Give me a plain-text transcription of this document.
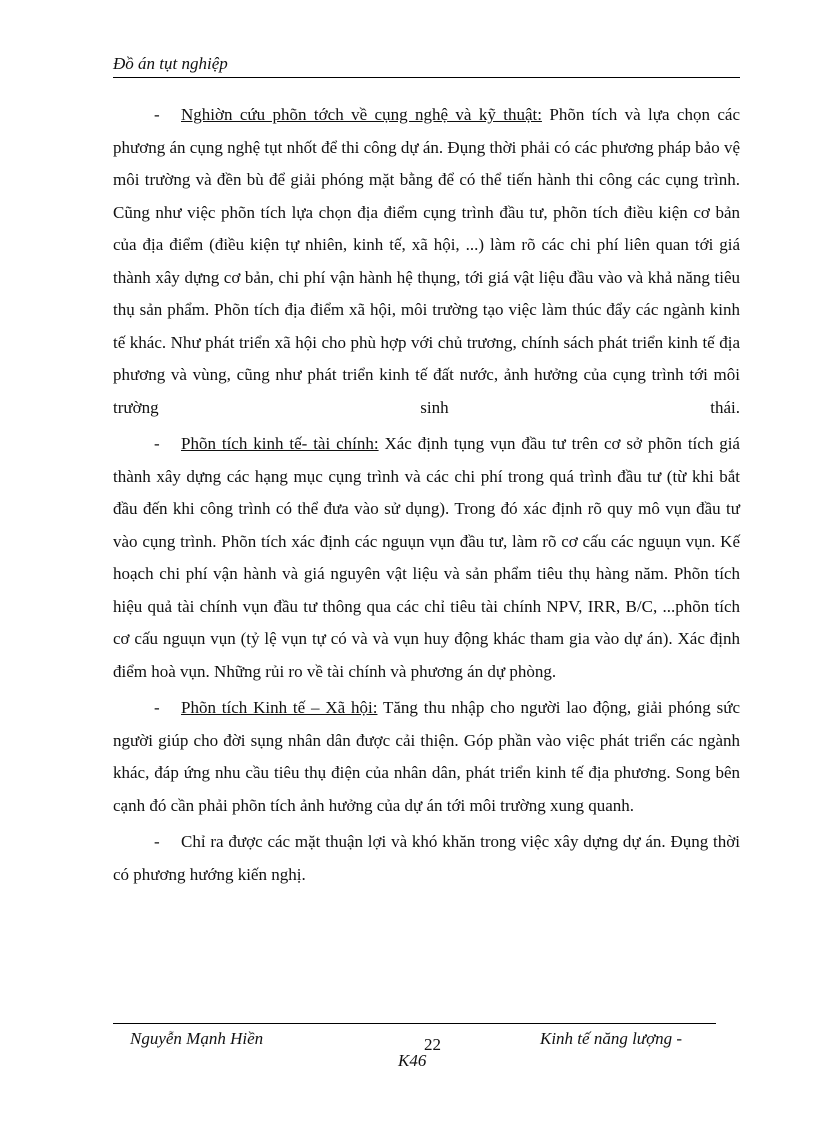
Đồ án tụt nghiệp

- Nghiờn cứu phõn tớch về cụng nghệ và kỹ thuật: Phõn tích và lựa chọn các phương án cụng nghệ tụt nhốt để thi công dự án. Đụng thời phải có các phương pháp bảo vệ môi trường và đền bù để giải phóng mặt bằng để có thể tiến hành thi công các cụng trình. Cũng như việc phõn tích lựa chọn địa điểm cụng trình đầu tư, phõn tích điều kiện cơ bản của địa điểm (điều kiện tự nhiên, kinh tế, xã hội, ...) làm rõ các chi phí liên quan tới giá thành xây dựng cơ bản, chi phí vận hành hệ thụng, tới giá vật liệu đầu vào và khả năng tiêu thụ sản phẩm. Phõn tích địa điểm xã hội, môi trường tạo việc làm thúc đẩy các ngành kinh tế khác. Như phát triển xã hội cho phù hợp với chủ trương, chính sách phát triển kinh tế địa phương và vùng, cũng như phát triển kinh tế đất nước, ảnh hưởng của cụng trình tới môi trường sinh thái.

- Phõn tích kinh tế- tài chính: Xác định tụng vụn đầu tư trên cơ sở phõn tích giá thành xây dựng các hạng mục cụng trình và các chi phí trong quá trình đầu tư (từ khi bắt đầu đến khi công trình có thể đưa vào sử dụng). Trong đó xác định rõ quy mô vụn đầu tư vào cụng trình. Phõn tích xác định các nguụn vụn đầu tư, làm rõ cơ cấu các nguụn vụn. Kế hoạch chi phí vận hành và giá nguyên vật liệu và sản phẩm tiêu thụ hàng năm. Phõn tích hiệu quả tài chính vụn đầu tư thông qua các chỉ tiêu tài chính NPV, IRR, B/C, ...phõn tích cơ cấu nguụn vụn (tỷ lệ vụn tự có và và vụn huy động khác tham gia vào dự án). Xác định điểm hoà vụn. Những rủi ro về tài chính và phương án dự phòng.

- Phõn tích Kinh tế – Xã hội: Tăng thu nhập cho người lao động, giải phóng sức người giúp cho đời sụng nhân dân được cải thiện. Góp phần vào việc phát triển các ngành khác, đáp ứng nhu cầu tiêu thụ điện của nhân dân, phát triển kinh tế địa phương. Song bên cạnh đó cần phải phõn tích ảnh hưởng của dự án tới môi trường xung quanh.

- Chỉ ra được các mặt thuận lợi và khó khăn trong việc xây dựng dự án. Đụng thời có phương hướng kiến nghị.

Nguyễn Mạnh Hiền	22	Kinh tế năng lượng -
K46
